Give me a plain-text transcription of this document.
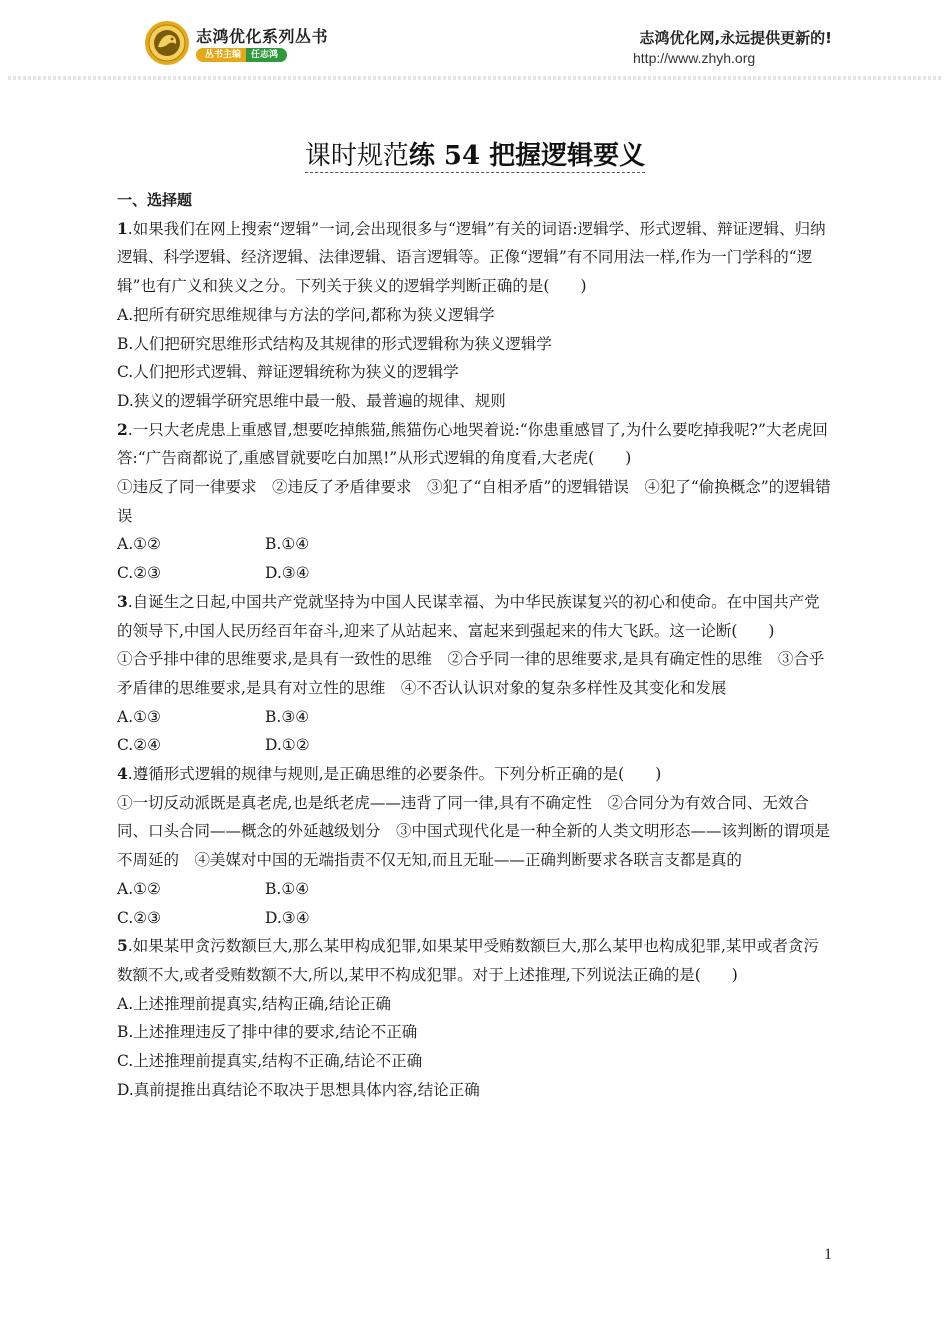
志鸿优化系列丛书
丛书主编	任志鸿
志鸿优化网,永远提供更新的!
http://www.zhyh.org
课时规范练 54 把握逻辑要义

一、选择题

1.如果我们在网上搜索“逻辑”一词,会出现很多与“逻辑”有关的词语:逻辑学、形式逻辑、辩证逻辑、归纳逻辑、科学逻辑、经济逻辑、法律逻辑、语言逻辑等。正像“逻辑”有不同用法一样,作为一门学科的“逻辑”也有广义和狭义之分。下列关于狭义的逻辑学判断正确的是(　　)

A.把所有研究思维规律与方法的学问,都称为狭义逻辑学

B.人们把研究思维形式结构及其规律的形式逻辑称为狭义逻辑学

C.人们把形式逻辑、辩证逻辑统称为狭义的逻辑学

D.狭义的逻辑学研究思维中最一般、最普遍的规律、规则

2.一只大老虎患上重感冒,想要吃掉熊猫,熊猫伤心地哭着说:“你患重感冒了,为什么要吃掉我呢?”大老虎回答:“广告商都说了,重感冒就要吃白加黑!”从形式逻辑的角度看,大老虎(　　)

①违反了同一律要求　②违反了矛盾律要求　③犯了“自相矛盾”的逻辑错误　④犯了“偷换概念”的逻辑错误

A.①②	B.①④
C.②③	D.③④

3.自诞生之日起,中国共产党就坚持为中国人民谋幸福、为中华民族谋复兴的初心和使命。在中国共产党的领导下,中国人民历经百年奋斗,迎来了从站起来、富起来到强起来的伟大飞跃。这一论断(　　)

①合乎排中律的思维要求,是具有一致性的思维　②合乎同一律的思维要求,是具有确定性的思维　③合乎矛盾律的思维要求,是具有对立性的思维　④不否认认识对象的复杂多样性及其变化和发展

A.①③	B.③④
C.②④	D.①②

4.遵循形式逻辑的规律与规则,是正确思维的必要条件。下列分析正确的是(　　)

①一切反动派既是真老虎,也是纸老虎——违背了同一律,具有不确定性　②合同分为有效合同、无效合同、口头合同——概念的外延越级划分　③中国式现代化是一种全新的人类文明形态——该判断的谓项是不周延的　④美媒对中国的无端指责不仅无知,而且无耻——正确判断要求各联言支都是真的

A.①②	B.①④
C.②③	D.③④

5.如果某甲贪污数额巨大,那么某甲构成犯罪,如果某甲受贿数额巨大,那么某甲也构成犯罪,某甲或者贪污数额不大,或者受贿数额不大,所以,某甲不构成犯罪。对于上述推理,下列说法正确的是(　　)

A.上述推理前提真实,结构正确,结论正确

B.上述推理违反了排中律的要求,结论不正确

C.上述推理前提真实,结构不正确,结论不正确

D.真前提推出真结论不取决于思想具体内容,结论正确

1
